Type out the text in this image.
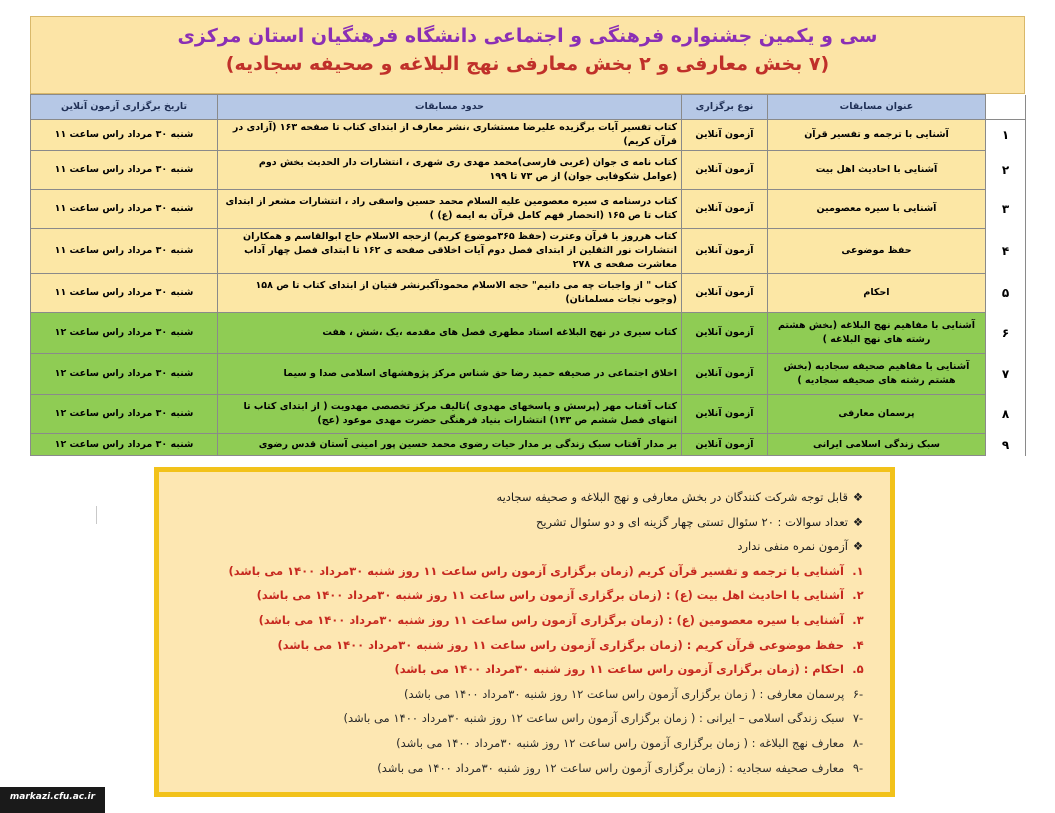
سی و یکمین جشنواره فرهنگی و اجتماعی دانشگاه فرهنگیان استان مرکزی
(۷ بخش معارفی و ۲ بخش معارفی نهج البلاغه و صحیفه سجادیه)
	عنوان مسابقات	نوع برگزاری	حدود مسابقات	تاریخ برگزاری آزمون آنلاین
۱	آشنایی با ترجمه و تفسیر قرآن	آزمون آنلاین	کتاب تفسیر آیات برگزیده علیرضا مستشاری ،نشر معارف از ابتدای کتاب تا صفحه ۱۶۳ (آزادی در قرآن کریم)	شنبه ۳۰ مرداد راس ساعت ۱۱
۲	آشنایی با احادیث اهل بیت	آزمون آنلاین	کتاب نامه ی جوان (عربی فارسی)محمد مهدی ری شهری ، انتشارات دار الحدیث بخش دوم (عوامل شکوفایی جوان) از ص ۷۳ تا ۱۹۹	شنبه ۳۰ مرداد راس ساعت ۱۱
۳	آشنایی با سیره معصومین	آزمون آنلاین	کتاب درسنامه ی سیره معصومین علیه السلام محمد حسین واسقی راد ، انتشارات مشعر از ابتدای کتاب تا ص ۱۶۵ (انحصار فهم کامل قرآن به ایمه (ع) )	شنبه ۳۰ مرداد راس ساعت ۱۱
۴	حفظ موضوعی	آزمون آنلاین	کتاب هرروز با قرآن وعترت (حفظ ۳۶۵موضوع کریم) ازحجه الاسلام حاج ابوالقاسم و همکاران انتشارات نور الثقلین از ابتدای فصل دوم آیات اخلاقی صفحه ی ۱۶۲ تا ابتدای فصل چهار آداب معاشرت صفحه ی ۲۷۸	شنبه ۳۰ مرداد راس ساعت ۱۱
۵	احکام	آزمون آنلاین	کتاب " از واجبات چه می دانیم" حجه الاسلام محمودآکبرنشر فتیان از ابتدای کتاب تا ص ۱۵۸ (وجوب نجات مسلمانان)	شنبه ۳۰ مرداد راس ساعت ۱۱
۶	آشنایی با مفاهیم نهج البلاغه (بخش هشتم رشته های نهج البلاغه )	آزمون آنلاین	کتاب سیری در نهج البلاغه استاد مطهری فصل های مقدمه ،یک ،شش ، هفت	شنبه ۳۰ مرداد راس ساعت ۱۲
۷	آشنایی با مفاهیم صحیفه سجادیه (بخش هشتم رشته های صحیفه سجادیه )	آزمون آنلاین	اخلاق اجتماعی در صحیفه حمید رضا حق شناس مرکز پژوهشهای اسلامی صدا و سیما	شنبه ۳۰ مرداد راس ساعت ۱۲
۸	پرسمان معارفی	آزمون آنلاین	کتاب آفتاب مهر (پرسش و پاسخهای مهدوی )تالیف مرکز تخصصی مهدویت ( از ابتدای کتاب تا انتهای فصل ششم ص ۱۴۳) انتشارات بنیاد فرهنگی حضرت مهدی موعود (عج)	شنبه ۳۰ مرداد راس ساعت ۱۲
۹	سبک زندگی اسلامی ایرانی	آزمون آنلاین	بر مدار آفتاب سبک زندگی بر مدار حیات رضوی محمد حسین پور امینی آستان قدس رضوی	شنبه ۳۰ مرداد راس ساعت ۱۲
❖قابل توجه شرکت کنندگان در بخش معارفی و نهج البلاغه و صحیفه سجادیه
❖تعداد سوالات : ۲۰ سئوال تستی چهار گزینه ای و دو سئوال تشریح
❖آزمون نمره منفی ندارد
۱. آشنایی با ترجمه و تفسیر قرآن کریم (زمان برگزاری آزمون راس ساعت ۱۱ روز شنبه ۳۰مرداد ۱۴۰۰ می باشد)
۲. آشنایی با احادیث اهل بیت (ع) : (زمان برگزاری آزمون راس ساعت ۱۱ روز شنبه ۳۰مرداد ۱۴۰۰ می باشد)
۳. آشنایی با سیره معصومین (ع) : (زمان برگزاری آزمون راس ساعت ۱۱ روز شنبه ۳۰مرداد ۱۴۰۰ می باشد)
۴. حفظ موضوعی قرآن کریم : (زمان برگزاری آزمون راس ساعت ۱۱ روز شنبه ۳۰مرداد ۱۴۰۰ می باشد)
۵. احکام : (زمان برگزاری آزمون راس ساعت ۱۱ روز شنبه ۳۰مرداد ۱۴۰۰ می باشد)
-۶ پرسمان معارفی : ( زمان برگزاری آزمون راس ساعت ۱۲ روز شنبه ۳۰مرداد ۱۴۰۰ می باشد)
-۷ سبک زندگی اسلامی – ایرانی : ( زمان برگزاری آزمون راس ساعت ۱۲ روز شنبه ۳۰مرداد ۱۴۰۰ می باشد)
-۸ معارف نهج البلاغه : ( زمان برگزاری آزمون راس ساعت ۱۲ روز شنبه ۳۰مرداد ۱۴۰۰ می باشد)
-۹ معارف صحیفه سجادیه : (زمان برگزاری آزمون راس ساعت ۱۲ روز شنبه ۳۰مرداد ۱۴۰۰ می باشد)
markazi.cfu.ac.ir
